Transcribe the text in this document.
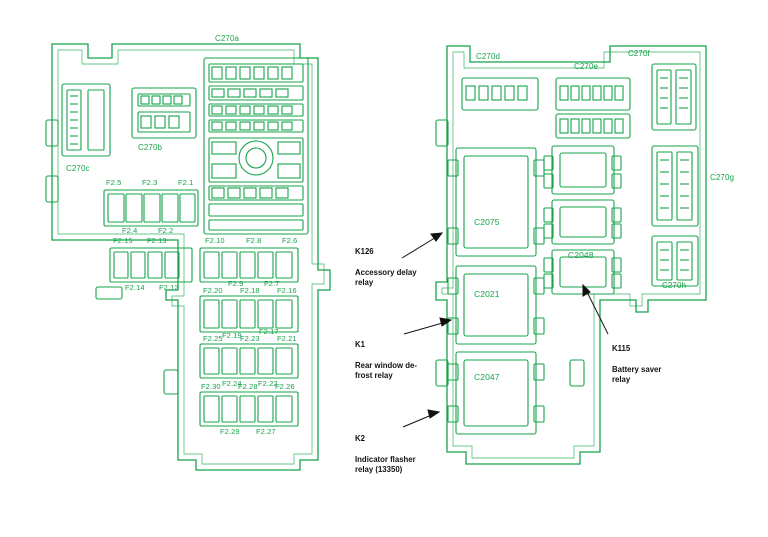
C270a
C270b
C270c
F2.5	F2.3	F2.1
F2.4	F2.2
F2.15 F2.13	F2.10	F2.8	F2.6
F2.14 F2.12	F2.9	F2.7
F2.20 F2.18 F2.16
F2.19 F2.17
F2.25 F2.23 F2.21
F2.24 F2.22
F2.30 F2.28 F2.26
F2.29 F2.27
C270d
C270e
C270f
C270g
C270h
C2075
C2048
C2021
C2047

K126

Accessory delay
relay

K1

Rear window de-
frost relay

K2

Indicator flasher
relay (13350)

K115

Battery saver
relay
